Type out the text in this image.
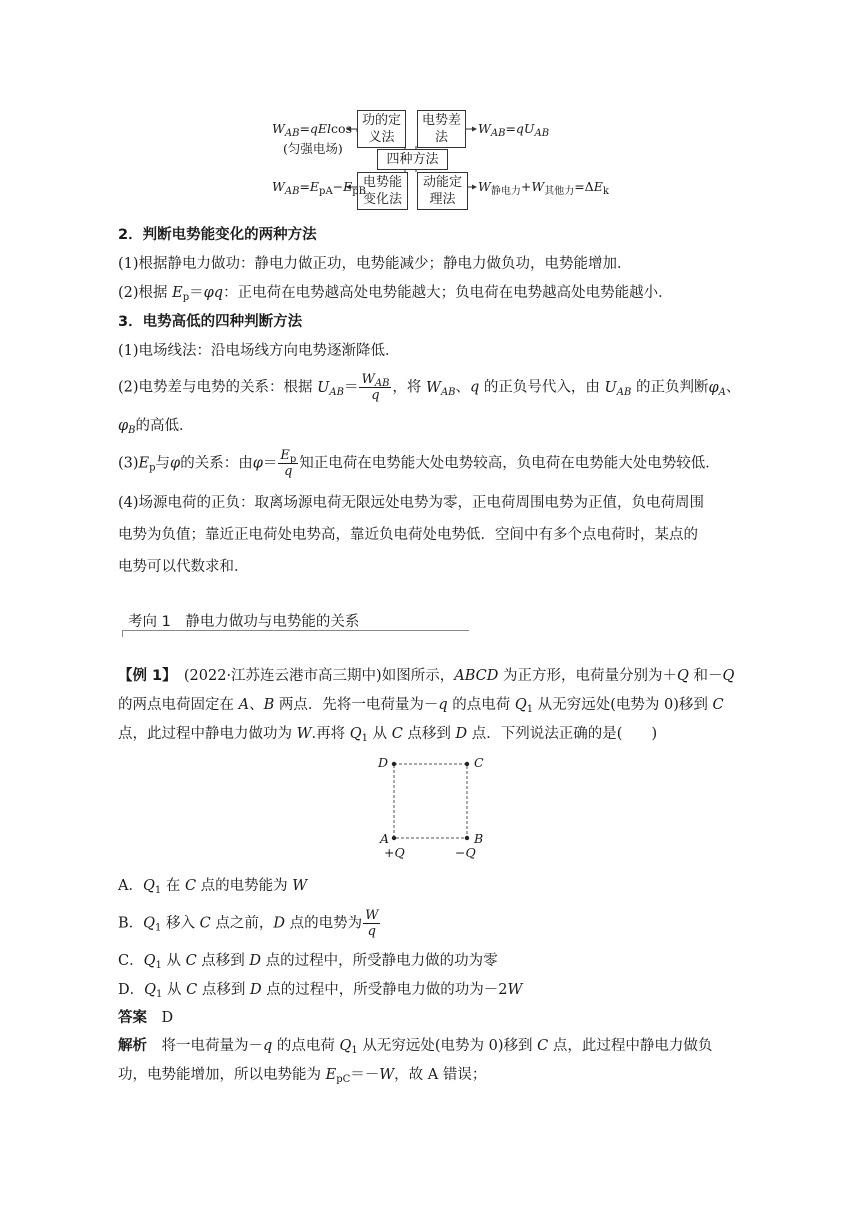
$W_{AB}=qElcos$
(匀强电场)
功的定义法
电势差法
四种方法
电势能变化法
动能定理法
$W_{AB}=qU_{AB}$
$W_{AB}=E_{pA}-E_{pB}$	$W_{静电力}+W_{其他力}=\Delta E_k$
2．判断电势能变化的两种方法
(1)根据静电力做功：静电力做正功，电势能减少；静电力做负功，电势能增加．
(2)根据 $E_p=\varphi q$：正电荷在电势越高处电势能越大；负电荷在电势越高处电势能越小．
3．电势高低的四种判断方法
(1)电场线法：沿电场线方向电势逐渐降低．
(2)电势差与电势的关系：根据 $U_{AB}= \frac{W_{AB}}{q}$ ，将 $W_{AB}$、q 的正负号代入，由 $U_{AB}$ 的正负判断$\varphi_A$、
$\varphi_B$的高低．
$(3)E_p$与φ的关系：由$\varphi= \frac{E_p}{q}$ 知正电荷在电势能大处电势较高，负电荷在电势能大处电势较低．
(4)场源电荷的正负：取离场源电荷无限远处电势为零，正电荷周围电势为正值，负电荷周围
电势为负值；靠近正电荷处电势高，靠近负电荷处电势低．空间中有多个点电荷时，某点的
电势可以代数求和．
考向 1　静电力做功与电势能的关系
【例 1】　(2022·江苏连云港市高三期中)如图所示，ABCD 为正方形，电荷量分别为＋Q 和－Q
的两点电荷固定在 A、B 两点．先将一电荷量为－q 的点电荷 $Q_1$ 从无穷远处(电势为 0)移到 C
点，此过程中静电力做功为 W.再将 $Q_1$ 从 C 点移到 D 点．下列说法正确的是(　　)
D	C
A	B
+Q	−Q
A．$Q_1$ 在 C 点的电势能为 W
B．$Q_1$ 移入 C 点之前，D 点的电势为 $\frac{W}{q}$
C．$Q_1$ 从 C 点移到 D 点的过程中，所受静电力做的功为零
D．$Q_1$ 从 C 点移到 D 点的过程中，所受静电力做的功为－2W
答案　 D
解析　将一电荷量为－q 的点电荷 $Q_1$ 从无穷远处(电势为 0)移到 C 点，此过程中静电力做负
功，电势能增加，所以电势能为 $E_{pC}=-W$，故 A 错误；
